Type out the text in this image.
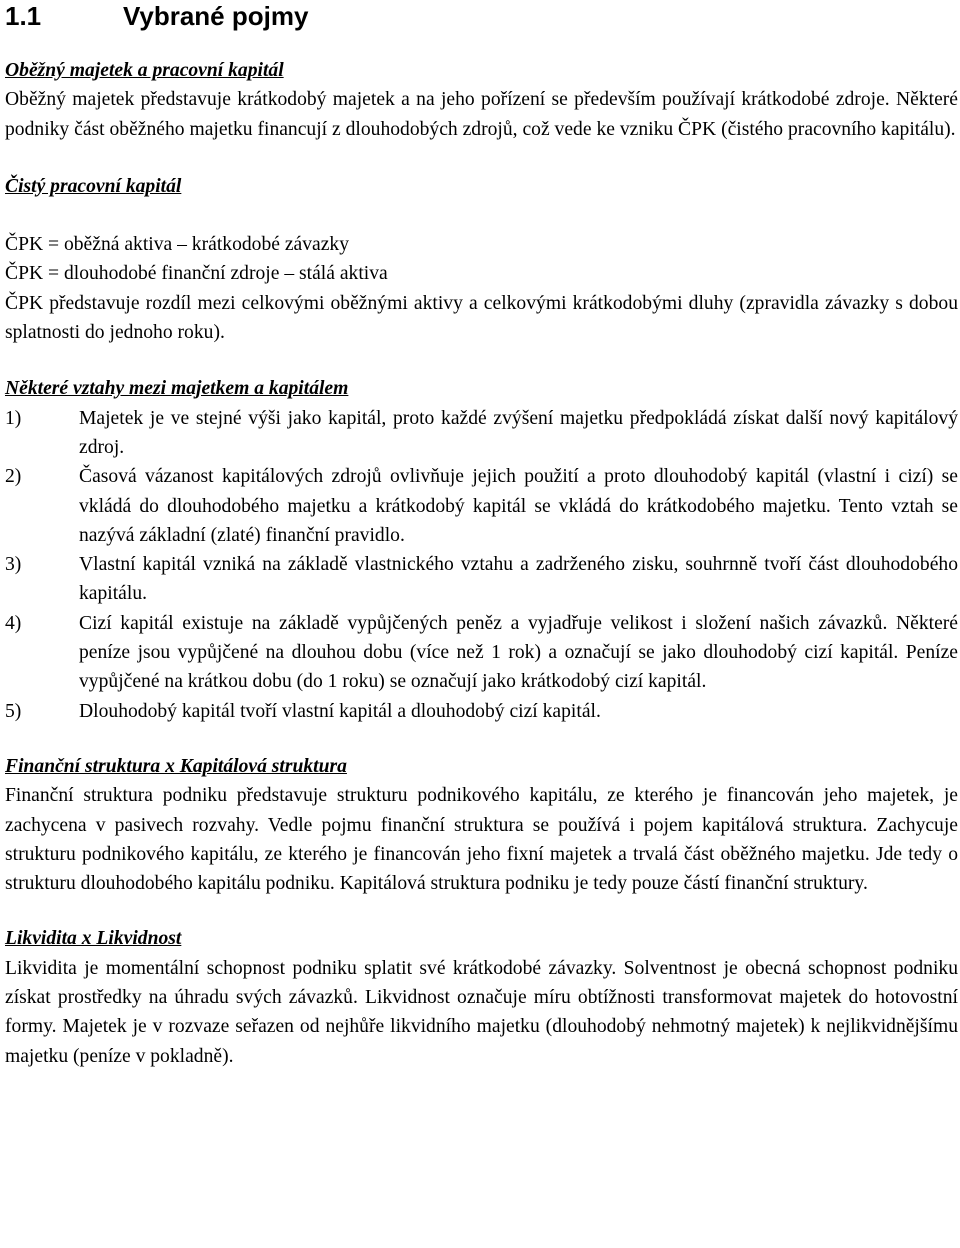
1.1	Vybrané pojmy

Oběžný majetek a pracovní kapitál

Oběžný majetek představuje krátkodobý majetek a na jeho pořízení se především používají krátkodobé zdroje. Některé podniky část oběžného majetku financují z dlouhodobých zdrojů, což vede ke vzniku ČPK (čistého pracovního kapitálu).

Čistý pracovní kapitál

ČPK = oběžná aktiva – krátkodobé závazky

ČPK = dlouhodobé finanční zdroje – stálá aktiva

ČPK představuje rozdíl mezi celkovými oběžnými aktivy a celkovými krátkodobými dluhy (zpravidla závazky s dobou splatnosti do jednoho roku).

Některé vztahy mezi majetkem a kapitálem

1)	Majetek je ve stejné výši jako kapitál, proto každé zvýšení majetku předpokládá získat další nový kapitálový zdroj.
2)	Časová vázanost kapitálových zdrojů ovlivňuje jejich použití a proto dlouhodobý kapitál (vlastní i cizí) se vkládá do dlouhodobého majetku a krátkodobý kapitál se vkládá do krátkodobého majetku. Tento vztah se nazývá základní (zlaté) finanční pravidlo.
3)	Vlastní kapitál vzniká na základě vlastnického vztahu a zadrženého zisku, souhrnně tvoří část dlouhodobého kapitálu.
4)	Cizí kapitál existuje na základě vypůjčených peněz a vyjadřuje velikost i složení našich závazků. Některé peníze jsou vypůjčené na dlouhou dobu (více než 1 rok) a označují se jako dlouhodobý cizí kapitál. Peníze vypůjčené na krátkou dobu (do 1 roku) se označují jako krátkodobý cizí kapitál.
5)	Dlouhodobý kapitál tvoří vlastní kapitál a dlouhodobý cizí kapitál.

Finanční struktura x Kapitálová struktura

Finanční struktura podniku představuje strukturu podnikového kapitálu, ze kterého je financován jeho majetek, je zachycena v pasivech rozvahy. Vedle pojmu finanční struktura se používá i pojem kapitálová struktura. Zachycuje strukturu podnikového kapitálu, ze kterého je financován jeho fixní majetek a trvalá část oběžného majetku. Jde tedy o strukturu dlouhodobého kapitálu podniku. Kapitálová struktura podniku je tedy pouze částí finanční struktury.

Likvidita x Likvidnost

Likvidita je momentální schopnost podniku splatit své krátkodobé závazky. Solventnost je obecná schopnost podniku získat prostředky na úhradu svých závazků. Likvidnost označuje míru obtížnosti transformovat majetek do hotovostní formy. Majetek je v rozvaze seřazen od nejhůře likvidního majetku (dlouhodobý nehmotný majetek) k nejlikvidnějšímu majetku (peníze v pokladně).
